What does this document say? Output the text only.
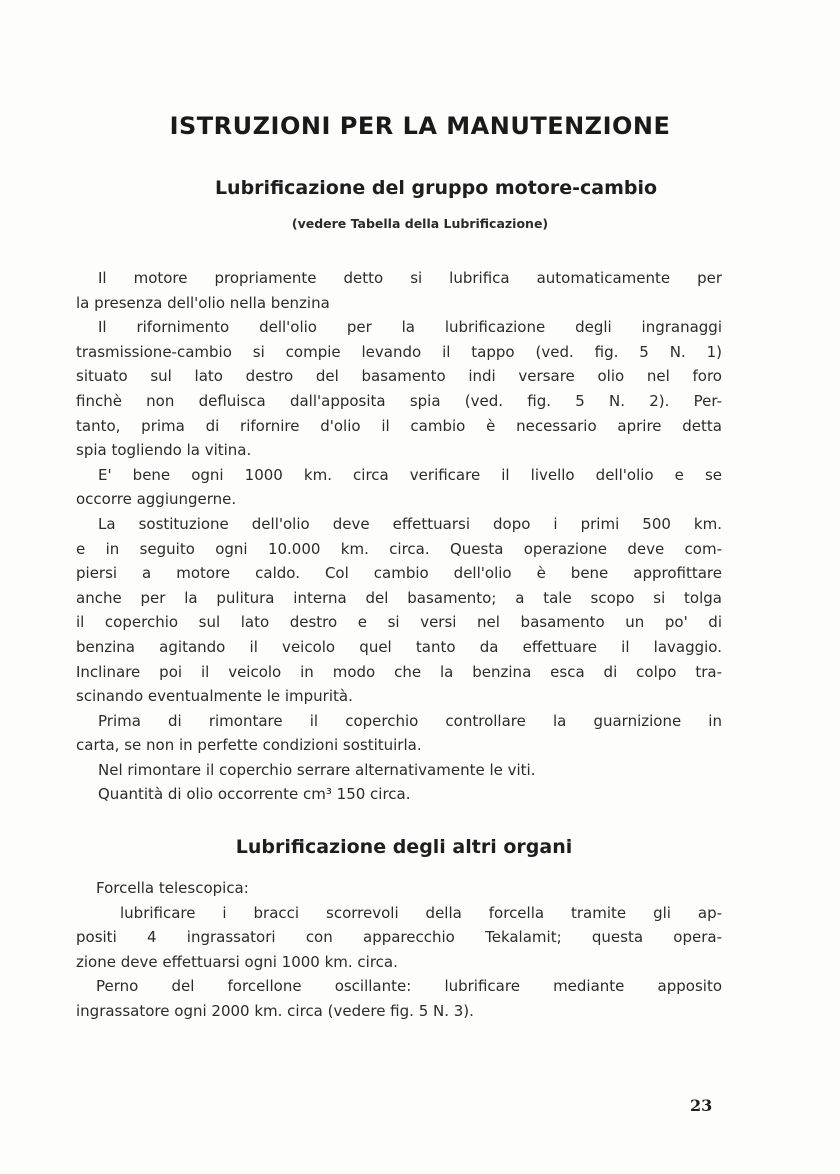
ISTRUZIONI PER LA MANUTENZIONE
Lubrificazione del gruppo motore-cambio
(vedere Tabella della Lubrificazione)
Il motore propriamente detto si lubrifica automaticamente per
la presenza dell'olio nella benzina
Il rifornimento dell'olio per la lubrificazione degli ingranaggi
trasmissione-cambio si compie levando il tappo (ved. fig. 5 N. 1)
situato sul lato destro del basamento indi versare olio nel foro
finchè non defluisca dall'apposita spia (ved. fig. 5 N. 2). Per-
tanto, prima di rifornire d'olio il cambio è necessario aprire detta
spia togliendo la vitina.
E' bene ogni 1000 km. circa verificare il livello dell'olio e se
occorre aggiungerne.
La sostituzione dell'olio deve effettuarsi dopo i primi 500 km.
e in seguito ogni 10.000 km. circa. Questa operazione deve com-
piersi a motore caldo. Col cambio dell'olio è bene approfittare
anche per la pulitura interna del basamento; a tale scopo si tolga
il coperchio sul lato destro e si versi nel basamento un po' di
benzina agitando il veicolo quel tanto da effettuare il lavaggio.
Inclinare poi il veicolo in modo che la benzina esca di colpo tra-
scinando eventualmente le impurità.
Prima di rimontare il coperchio controllare la guarnizione in
carta, se non in perfette condizioni sostituirla.
Nel rimontare il coperchio serrare alternativamente le viti.
Quantità di olio occorrente cm³ 150 circa.
Lubrificazione degli altri organi
Forcella telescopica:
lubrificare i bracci scorrevoli della forcella tramite gli ap-
positi 4 ingrassatori con apparecchio Tekalamit; questa opera-
zione deve effettuarsi ogni 1000 km. circa.
Perno del forcellone oscillante: lubrificare mediante apposito
ingrassatore ogni 2000 km. circa (vedere fig. 5 N. 3).
23
